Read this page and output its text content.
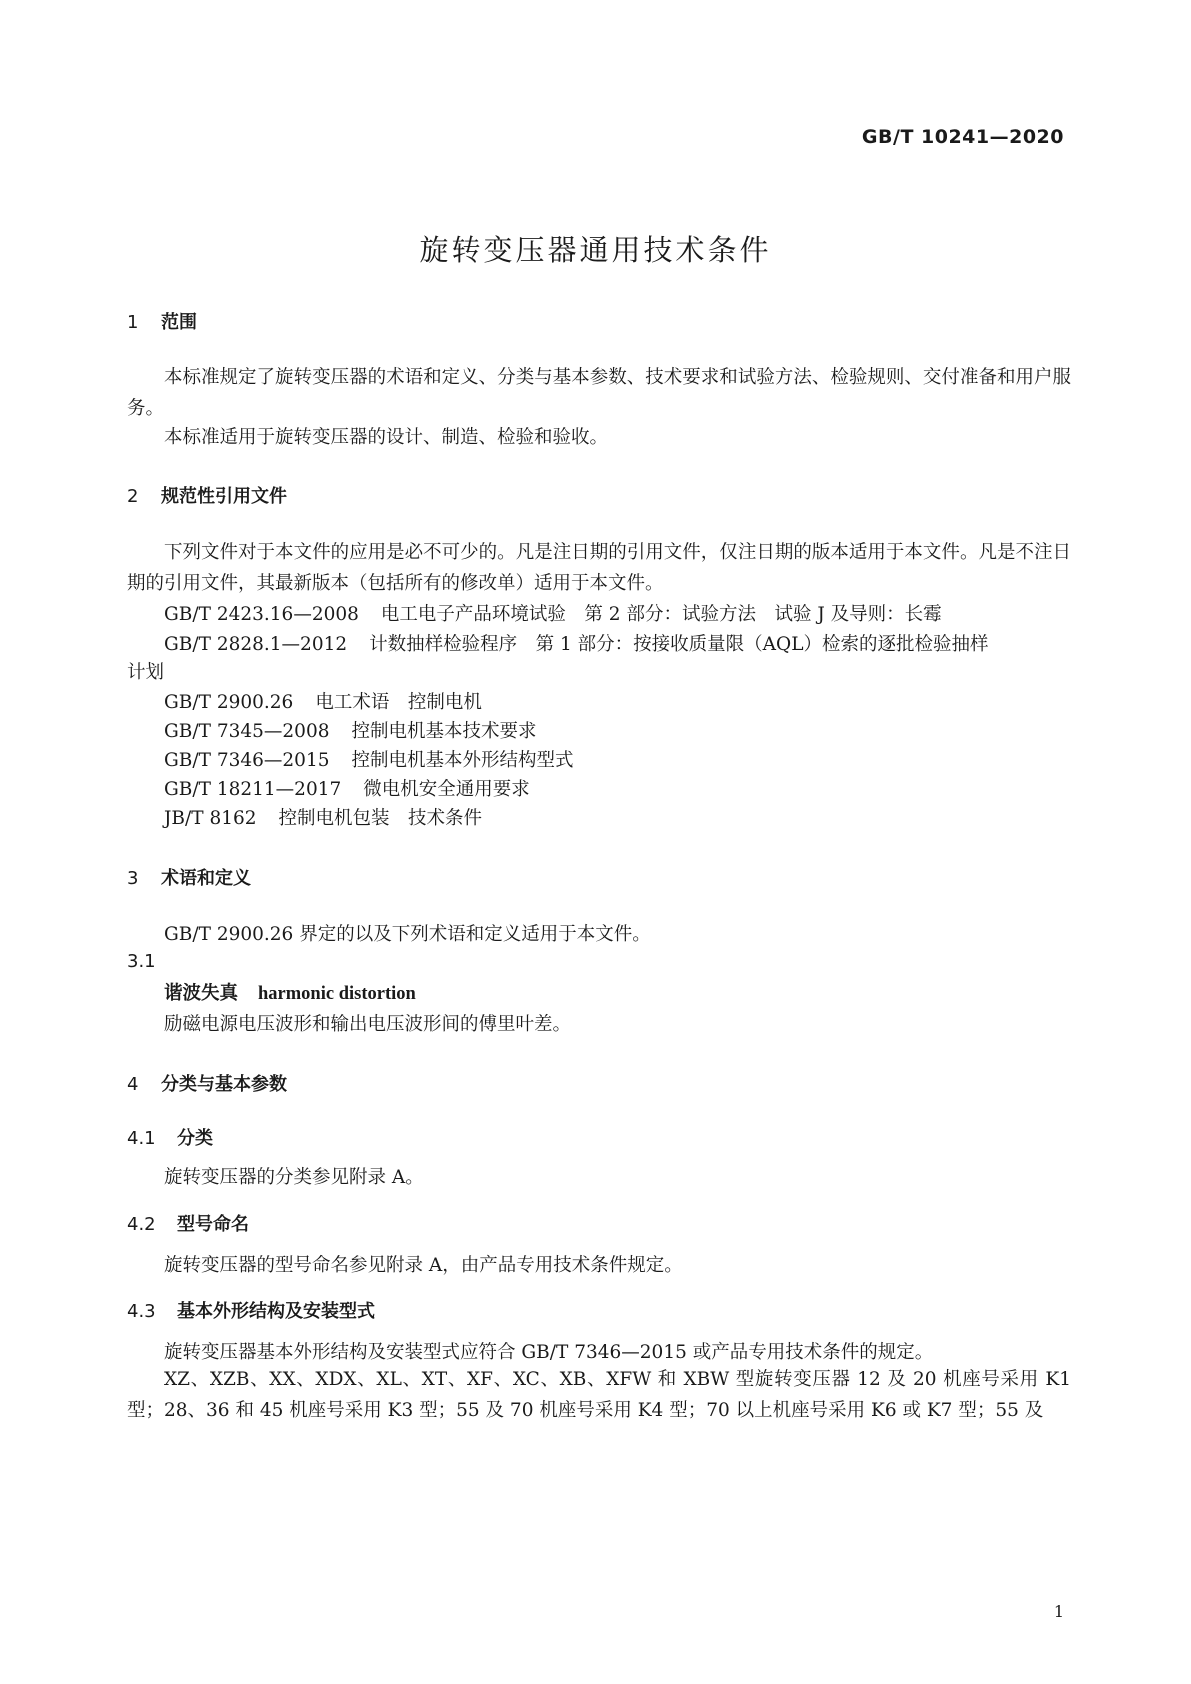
GB/T 10241—2020
旋转变压器通用技术条件
1 范围
本标准规定了旋转变压器的术语和定义、分类与基本参数、技术要求和试验方法、检验规则、交付准备和用户服务。
本标准适用于旋转变压器的设计、制造、检验和验收。
2 规范性引用文件
下列文件对于本文件的应用是必不可少的。凡是注日期的引用文件，仅注日期的版本适用于本文件。凡是不注日期的引用文件，其最新版本（包括所有的修改单）适用于本文件。
GB/T 2423.16—2008 电工电子产品环境试验　第 2 部分：试验方法　试验 J 及导则：长霉
GB/T 2828.1—2012 计数抽样检验程序　第 1 部分：按接收质量限（AQL）检索的逐批检验抽样
计划
GB/T 2900.26 电工术语　控制电机
GB/T 7345—2008 控制电机基本技术要求
GB/T 7346—2015 控制电机基本外形结构型式
GB/T 18211—2017 微电机安全通用要求
JB/T 8162 控制电机包装　技术条件
3 术语和定义
GB/T 2900.26 界定的以及下列术语和定义适用于本文件。
3.1
谐波失真 harmonic distortion
励磁电源电压波形和输出电压波形间的傅里叶差。
4 分类与基本参数
4.1 分类
旋转变压器的分类参见附录 A。
4.2 型号命名
旋转变压器的型号命名参见附录 A，由产品专用技术条件规定。
4.3 基本外形结构及安装型式
旋转变压器基本外形结构及安装型式应符合 GB/T 7346—2015 或产品专用技术条件的规定。
XZ、XZB、XX、XDX、XL、XT、XF、XC、XB、XFW 和 XBW 型旋转变压器 12 及 20 机座号采用 K1 型；28、36 和 45 机座号采用 K3 型；55 及 70 机座号采用 K4 型；70 以上机座号采用 K6 或 K7 型；55 及
1
